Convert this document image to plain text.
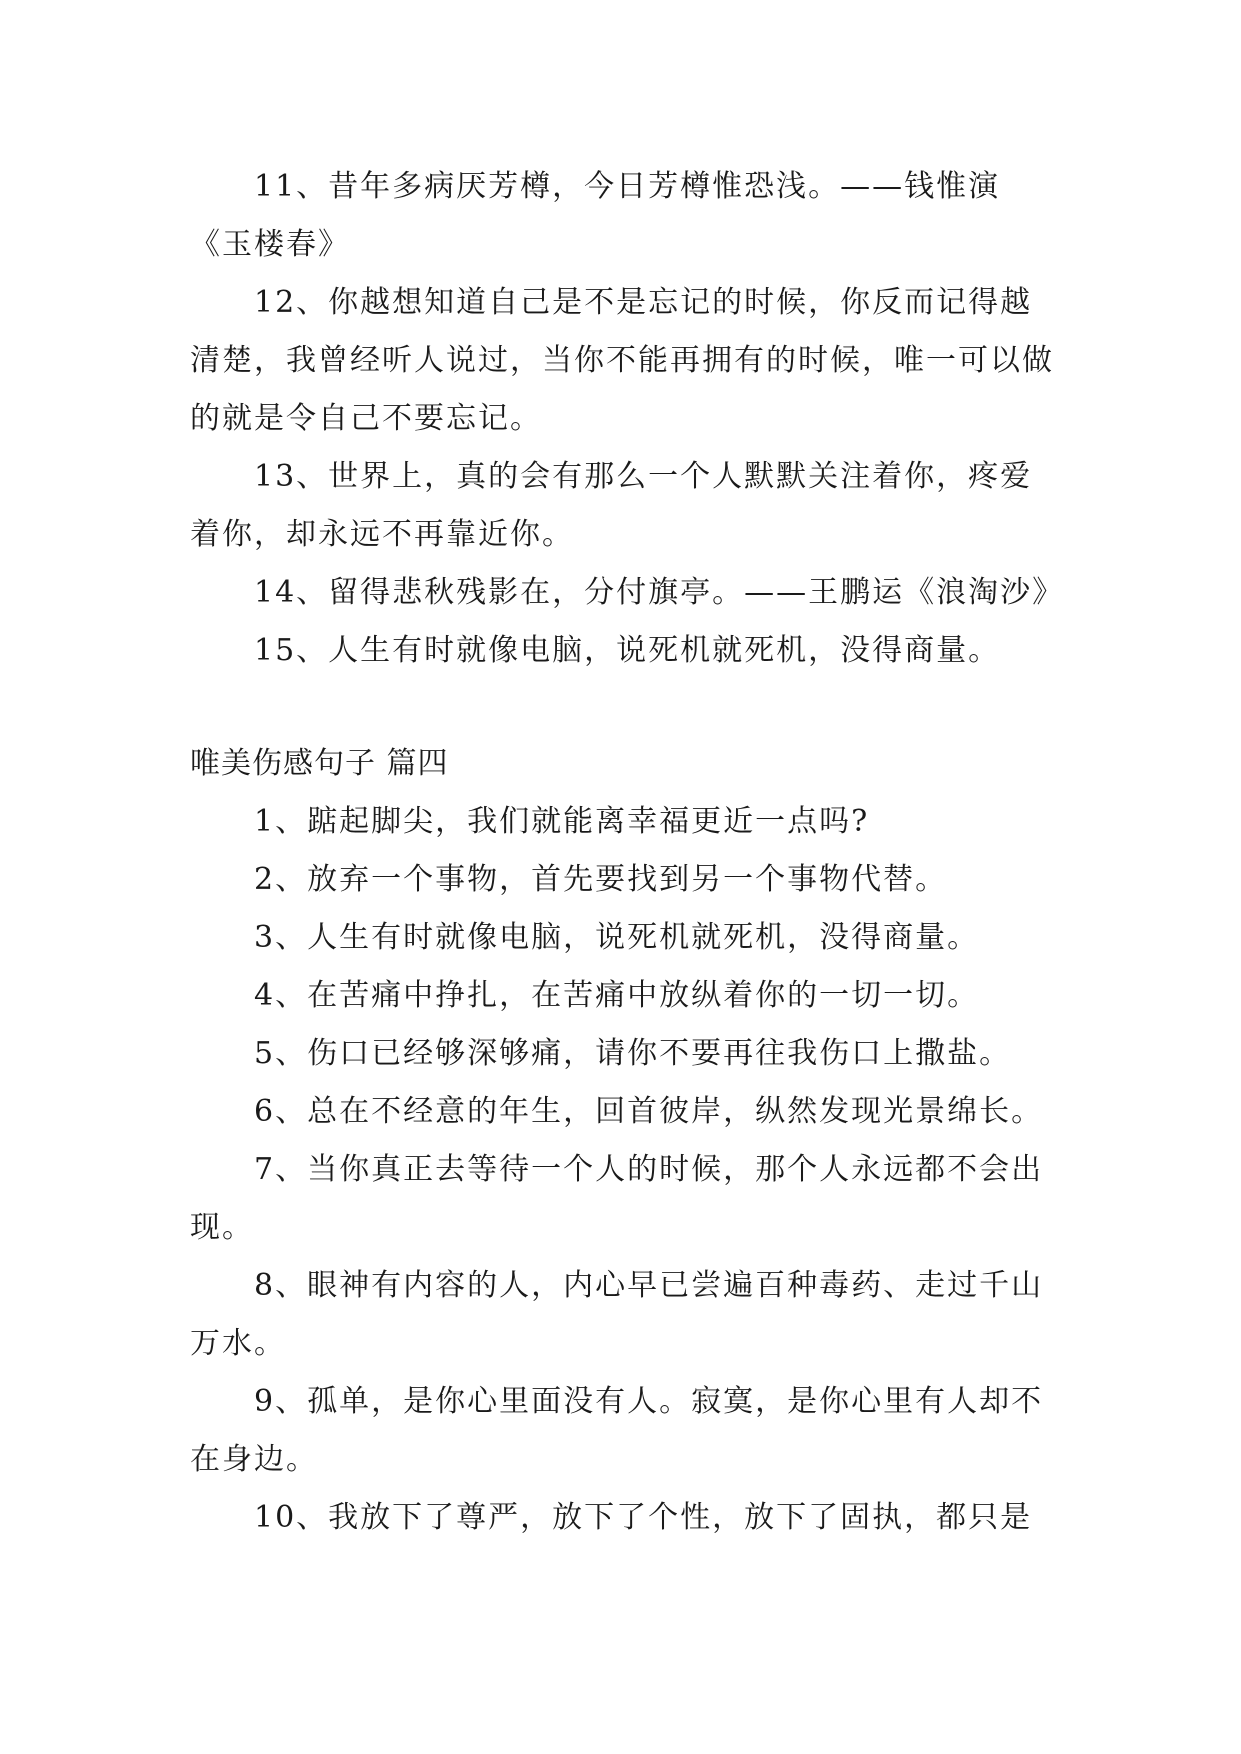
11、昔年多病厌芳樽，今日芳樽惟恐浅。——钱惟演《玉楼春》

12、你越想知道自己是不是忘记的时候，你反而记得越清楚，我曾经听人说过，当你不能再拥有的时候，唯一可以做的就是令自己不要忘记。

13、世界上，真的会有那么一个人默默关注着你，疼爱着你，却永远不再靠近你。

14、留得悲秋残影在，分付旗亭。——王鹏运《浪淘沙》

15、人生有时就像电脑，说死机就死机，没得商量。

唯美伤感句子 篇四

1、踮起脚尖，我们就能离幸福更近一点吗?

2、放弃一个事物，首先要找到另一个事物代替。

3、人生有时就像电脑，说死机就死机，没得商量。

4、在苦痛中挣扎，在苦痛中放纵着你的一切一切。

5、伤口已经够深够痛，请你不要再往我伤口上撒盐。

6、总在不经意的年生，回首彼岸，纵然发现光景绵长。

7、当你真正去等待一个人的时候，那个人永远都不会出现。

8、眼神有内容的人，内心早已尝遍百种毒药、走过千山万水。

9、孤单，是你心里面没有人。寂寞，是你心里有人却不在身边。

10、我放下了尊严，放下了个性，放下了固执，都只是
